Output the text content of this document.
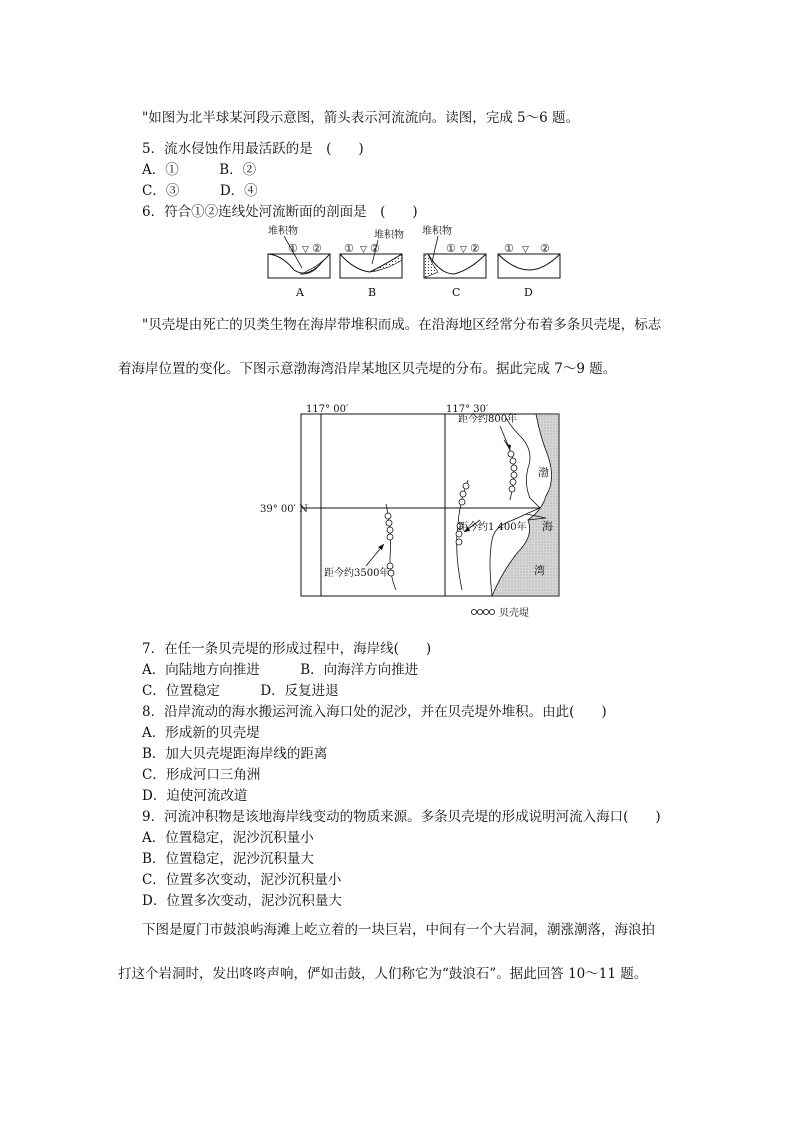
"如图为北半球某河段示意图，箭头表示河流流向。读图，完成 5～6 题。
5．流水侵蚀作用最活跃的是　(　　)
A．①　　　B．②
C．③　　　D．④
6．符合①②连线处河流断面的剖面是　(　　)
堆积物
① ▽ ②
A
堆积物
① ▽ ②
B
堆积物
① ▽ ②
C
① ▽ ②
D
"贝壳堤由死亡的贝类生物在海岸带堆积而成。在沿海地区经常分布着多条贝壳堤，标志
着海岸位置的变化。下图示意渤海湾沿岸某地区贝壳堤的分布。据此完成 7～9 题。
117° 00′	117° 30′
39° 00′ N
距今约800年
距今约1 400年
距今约3500年
渤
海
湾
贝壳堤
7．在任一条贝壳堤的形成过程中，海岸线(　　)
A．向陆地方向推进　　　B．向海洋方向推进
C．位置稳定　　　D．反复进退
8．沿岸流动的海水搬运河流入海口处的泥沙，并在贝壳堤外堆积。由此(　　)
A．形成新的贝壳堤
B．加大贝壳堤距海岸线的距离
C．形成河口三角洲
D．迫使河流改道
9．河流冲积物是该地海岸线变动的物质来源。多条贝壳堤的形成说明河流入海口(　　)
A．位置稳定，泥沙沉积量小
B．位置稳定，泥沙沉积量大
C．位置多次变动，泥沙沉积量小
D．位置多次变动，泥沙沉积量大
下图是厦门市鼓浪屿海滩上屹立着的一块巨岩，中间有一个大岩洞，潮涨潮落，海浪拍
打这个岩洞时，发出咚咚声响，俨如击鼓，人们称它为“鼓浪石”。据此回答 10～11 题。
